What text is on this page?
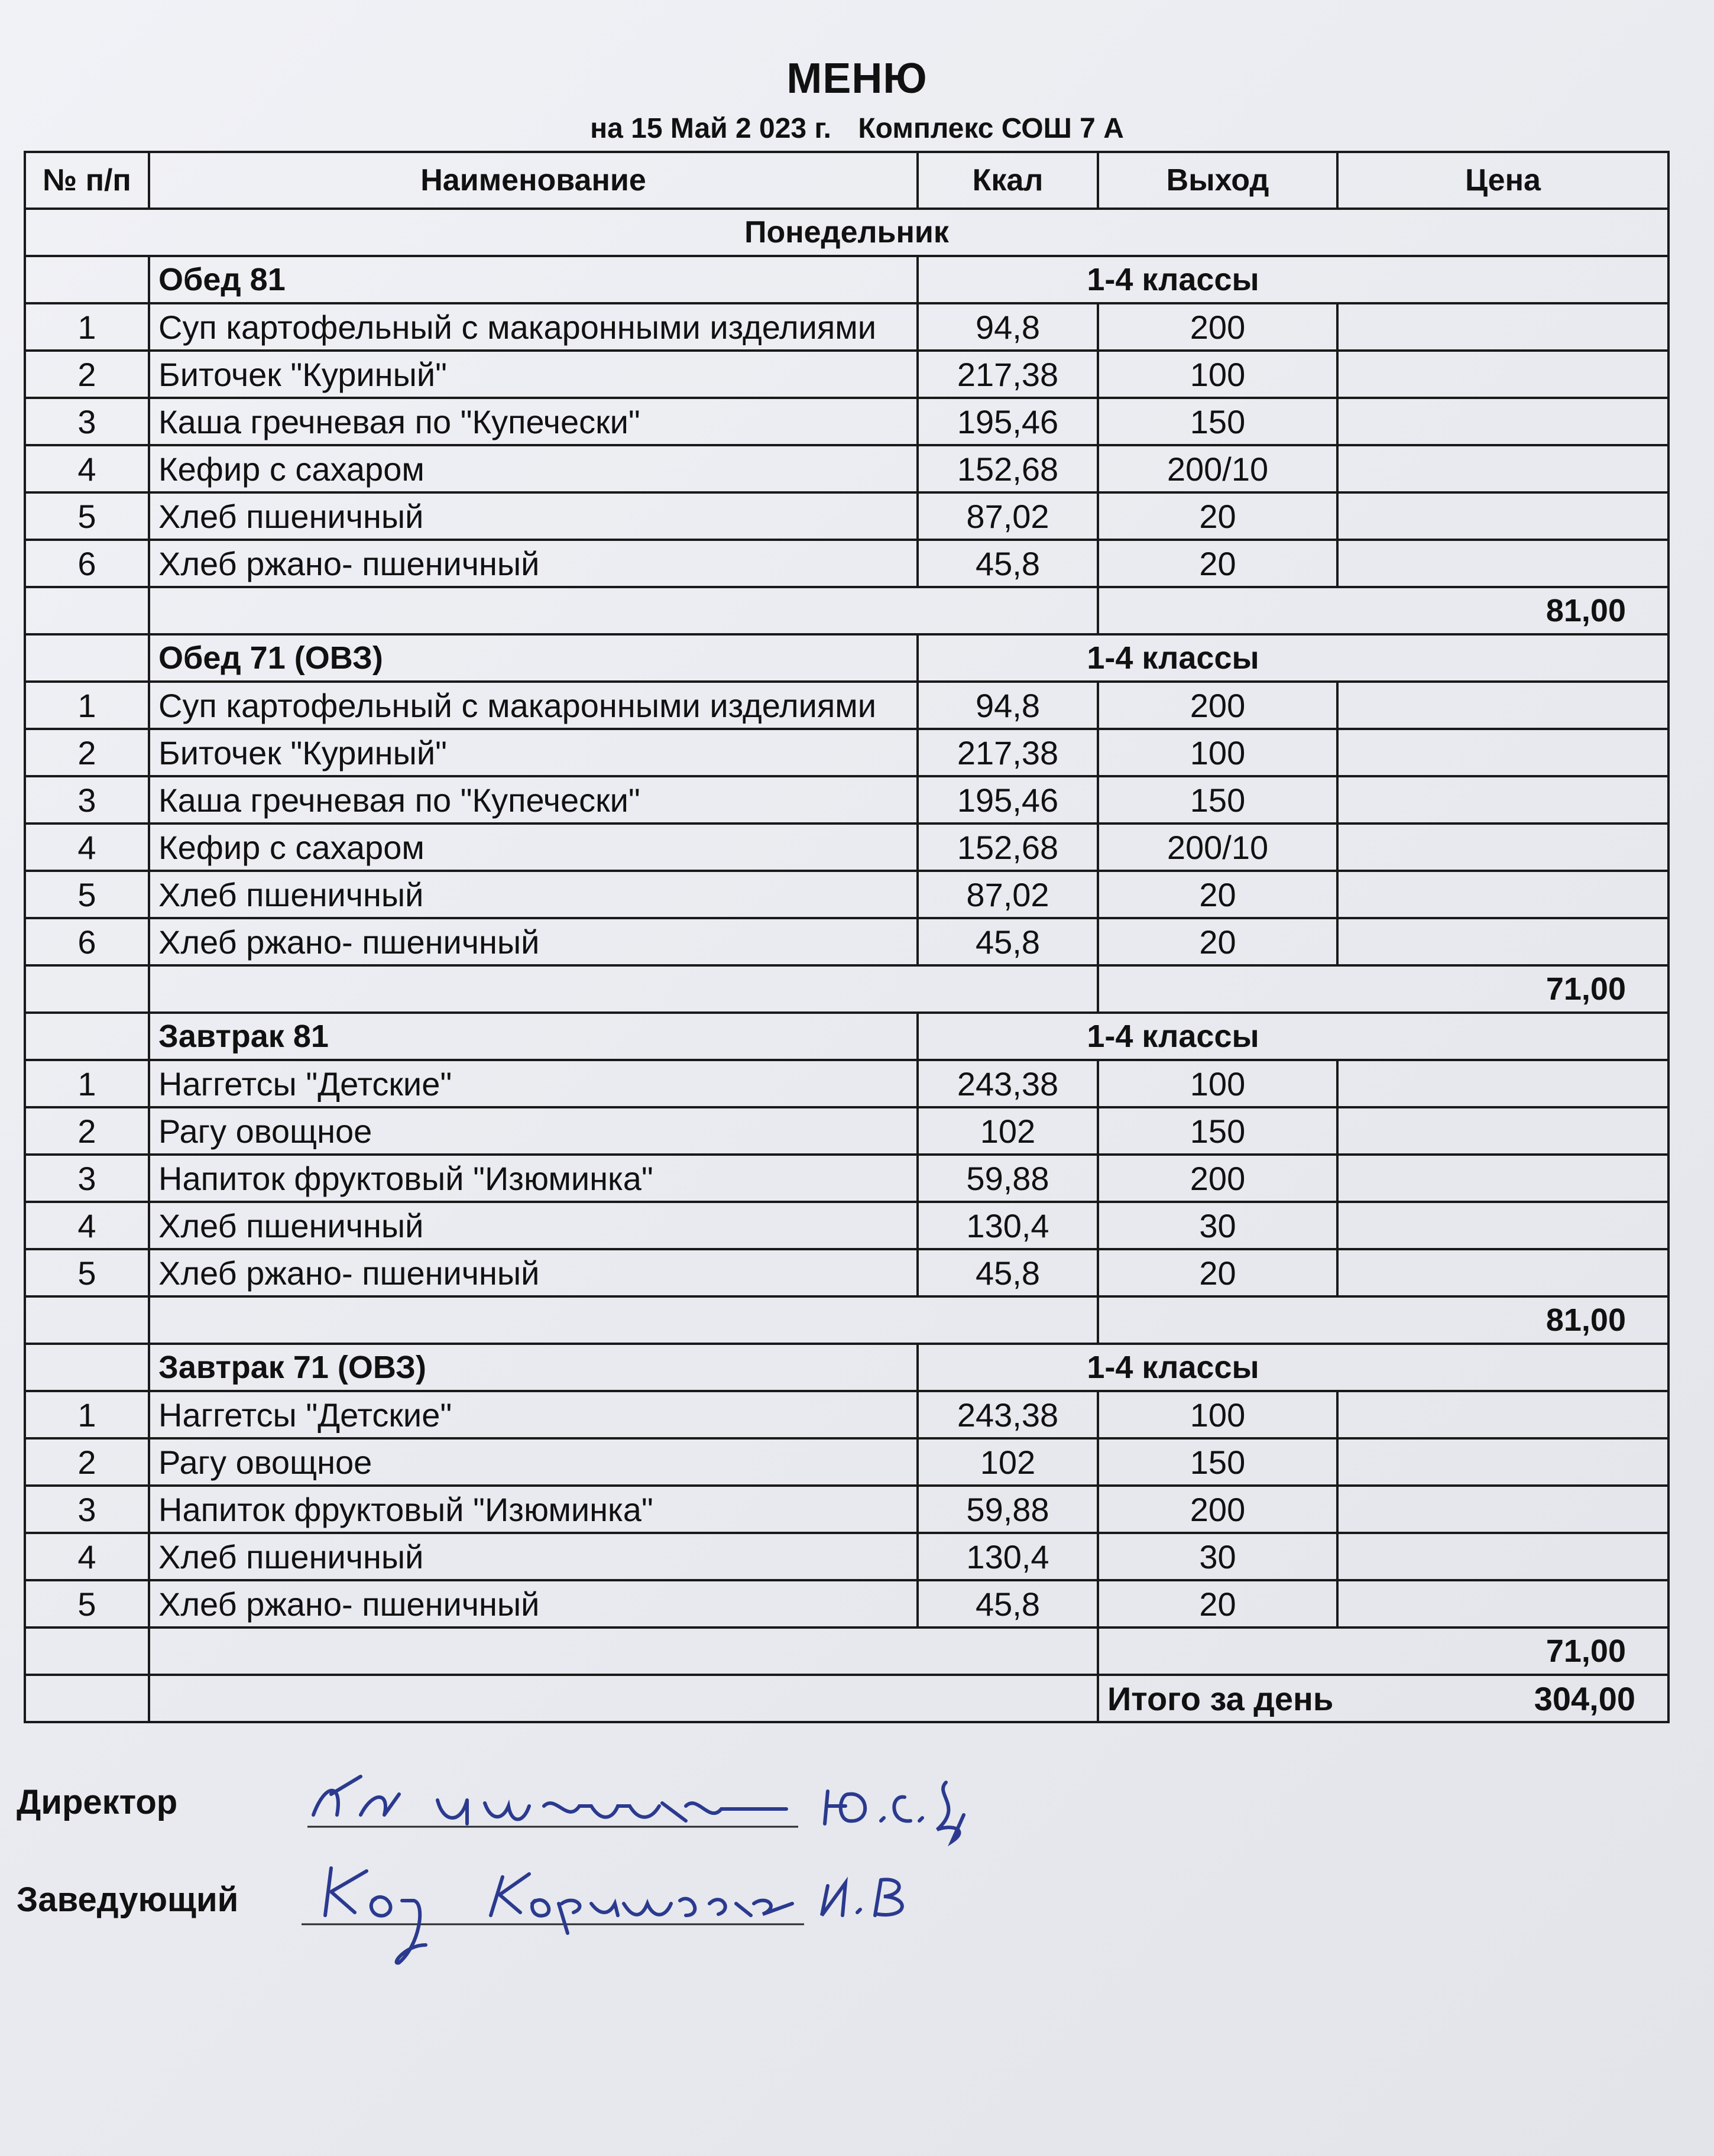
МЕНЮ
на 15 Май 2 023 г. Комплекс СОШ 7 А
№ п/п	Наименование	Ккал	Выход	Цена
Понедельник				
	Обед 81	1-4 классы		
1	Суп картофельный с макаронными изделиями	94,8	200	
2	Биточек "Куриный"	217,38	100	
3	Каша гречневая по "Купечески"	195,46	150	
4	Кефир с сахаром	152,68	200/10	
5	Хлеб пшеничный	87,02	20	
6	Хлеб ржано- пшеничный	45,8	20	
			81,00	
	Обед 71 (ОВЗ)	1-4 классы		
1	Суп картофельный с макаронными изделиями	94,8	200	
2	Биточек "Куриный"	217,38	100	
3	Каша гречневая по "Купечески"	195,46	150	
4	Кефир с сахаром	152,68	200/10	
5	Хлеб пшеничный	87,02	20	
6	Хлеб ржано- пшеничный	45,8	20	
			71,00	
	Завтрак 81	1-4 классы		
1	Наггетсы "Детские"	243,38	100	
2	Рагу овощное	102	150	
3	Напиток фруктовый "Изюминка"	59,88	200	
4	Хлеб пшеничный	130,4	30	
5	Хлеб ржано- пшеничный	45,8	20	
			81,00	
	Завтрак 71 (ОВЗ)	1-4 классы		
1	Наггетсы "Детские"	243,38	100	
2	Рагу овощное	102	150	
3	Напиток фруктовый "Изюминка"	59,88	200	
4	Хлеб пшеничный	130,4	30	
5	Хлеб ржано- пшеничный	45,8	20	
			71,00	
			Итого за день 304,00	
Директор
Заведующий
